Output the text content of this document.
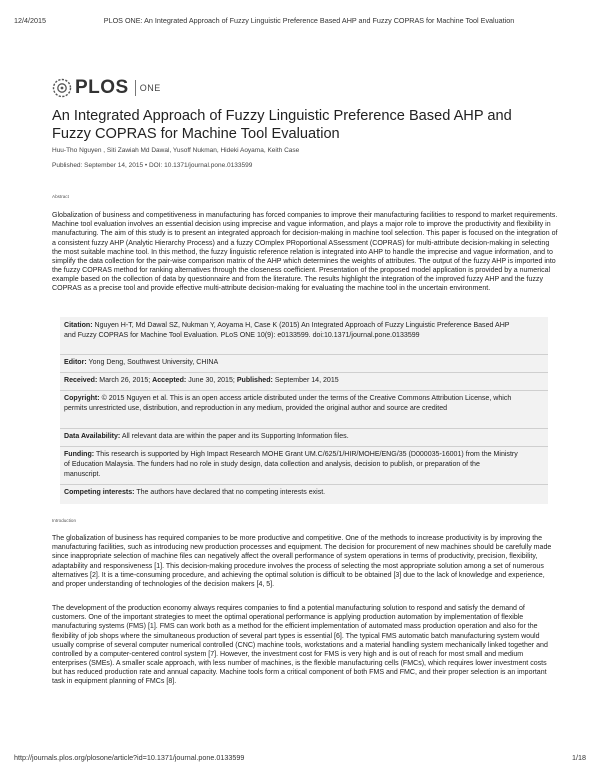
12/4/2015	PLOS ONE: An Integrated Approach of Fuzzy Linguistic Preference Based AHP and Fuzzy COPRAS for Machine Tool Evaluation
PLOS ONE
An Integrated Approach of Fuzzy Linguistic Preference Based AHP and Fuzzy COPRAS for Machine Tool Evaluation
Huu-Tho Nguyen , Siti Zawiah Md Dawal, Yusoff Nukman, Hideki Aoyama, Keith Case
Published: September 14, 2015 • DOI: 10.1371/journal.pone.0133599
Abstract

Globalization of business and competitiveness in manufacturing has forced companies to improve their manufacturing facilities to respond to market requirements. Machine tool evaluation involves an essential decision using imprecise and vague information, and plays a major role to improve the productivity and flexibility in manufacturing. The aim of this study is to present an integrated approach for decision-making in machine tool selection. This paper is focused on the integration of a consistent fuzzy AHP (Analytic Hierarchy Process) and a fuzzy COmplex PRoportional ASsessment (COPRAS) for multi-attribute decision-making in selecting the most suitable machine tool. In this method, the fuzzy linguistic reference relation is integrated into AHP to handle the imprecise and vague information, and to simplify the data collection for the pair-wise comparison matrix of the AHP which determines the weights of attributes. The output of the fuzzy AHP is imported into the fuzzy COPRAS method for ranking alternatives through the closeness coefficient. Presentation of the proposed model application is provided by a numerical example based on the collection of data by questionnaire and from the literature. The results highlight the integration of the improved fuzzy AHP and the fuzzy COPRAS as a precise tool and provide effective multi-attribute decision-making for evaluating the machine tool in the uncertain environment.

Citation: Nguyen H-T, Md Dawal SZ, Nukman Y, Aoyama H, Case K (2015) An Integrated Approach of Fuzzy Linguistic Preference Based AHP and Fuzzy COPRAS for Machine Tool Evaluation. PLoS ONE 10(9): e0133599. doi:10.1371/journal.pone.0133599
Editor: Yong Deng, Southwest University, CHINA
Received: March 26, 2015; Accepted: June 30, 2015; Published: September 14, 2015
Copyright: © 2015 Nguyen et al. This is an open access article distributed under the terms of the Creative Commons Attribution License, which permits unrestricted use, distribution, and reproduction in any medium, provided the original author and source are credited
Data Availability: All relevant data are within the paper and its Supporting Information files.
Funding: This research is supported by High Impact Research MOHE Grant UM.C/625/1/HIR/MOHE/ENG/35 (D000035-16001) from the Ministry of Education Malaysia. The funders had no role in study design, data collection and analysis, decision to publish, or preparation of the manuscript.
Competing interests: The authors have declared that no competing interests exist.
Introduction

The globalization of business has required companies to be more productive and competitive. One of the methods to increase productivity is by improving the manufacturing facilities, such as introducing new production processes and equipment. The decision for procurement of new machines should be carefully made since inappropriate selection of machine files can negatively affect the overall performance of system operations in terms of productivity, precision, flexibility, adaptability and responsiveness [1]. This decision-making procedure involves the process of selecting the most appropriate solution among a set of numerous alternatives [2]. It is a time-consuming procedure, and achieving the optimal solution is difficult to be obtained [3] due to the lack of knowledge and experience, and proper understanding of technologies of the decision makers [4, 5].

The development of the production economy always requires companies to find a potential manufacturing solution to respond and satisfy the demand of customers. One of the important strategies to meet the optimal operational performance is applying production automation by implementation of flexible manufacturing systems (FMS) [1]. FMS can work both as a method for the efficient implementation of automated mass production operation and also for the flexibility of job shops where the simultaneous production of several part types is essential [6]. The typical FMS automatic batch manufacturing system would usually comprise of several computer numerical controlled (CNC) machine tools, workstations and a material handling system mechanically linked together and controlled by a computer-centered control system [7]. However, the investment cost for FMS is very high and is out of reach for most small and medium enterprises (SMEs). A smaller scale approach, with less number of machines, is the flexible manufacturing cells (FMCs), which requires lower investment costs but has reduced production rate and annual capacity. Machine tools form a critical component of both FMS and FMC, and their proper selection is an important task in equipment planning of FMCs [8].

http://journals.plos.org/plosone/article?id=10.1371/journal.pone.0133599	1/18
